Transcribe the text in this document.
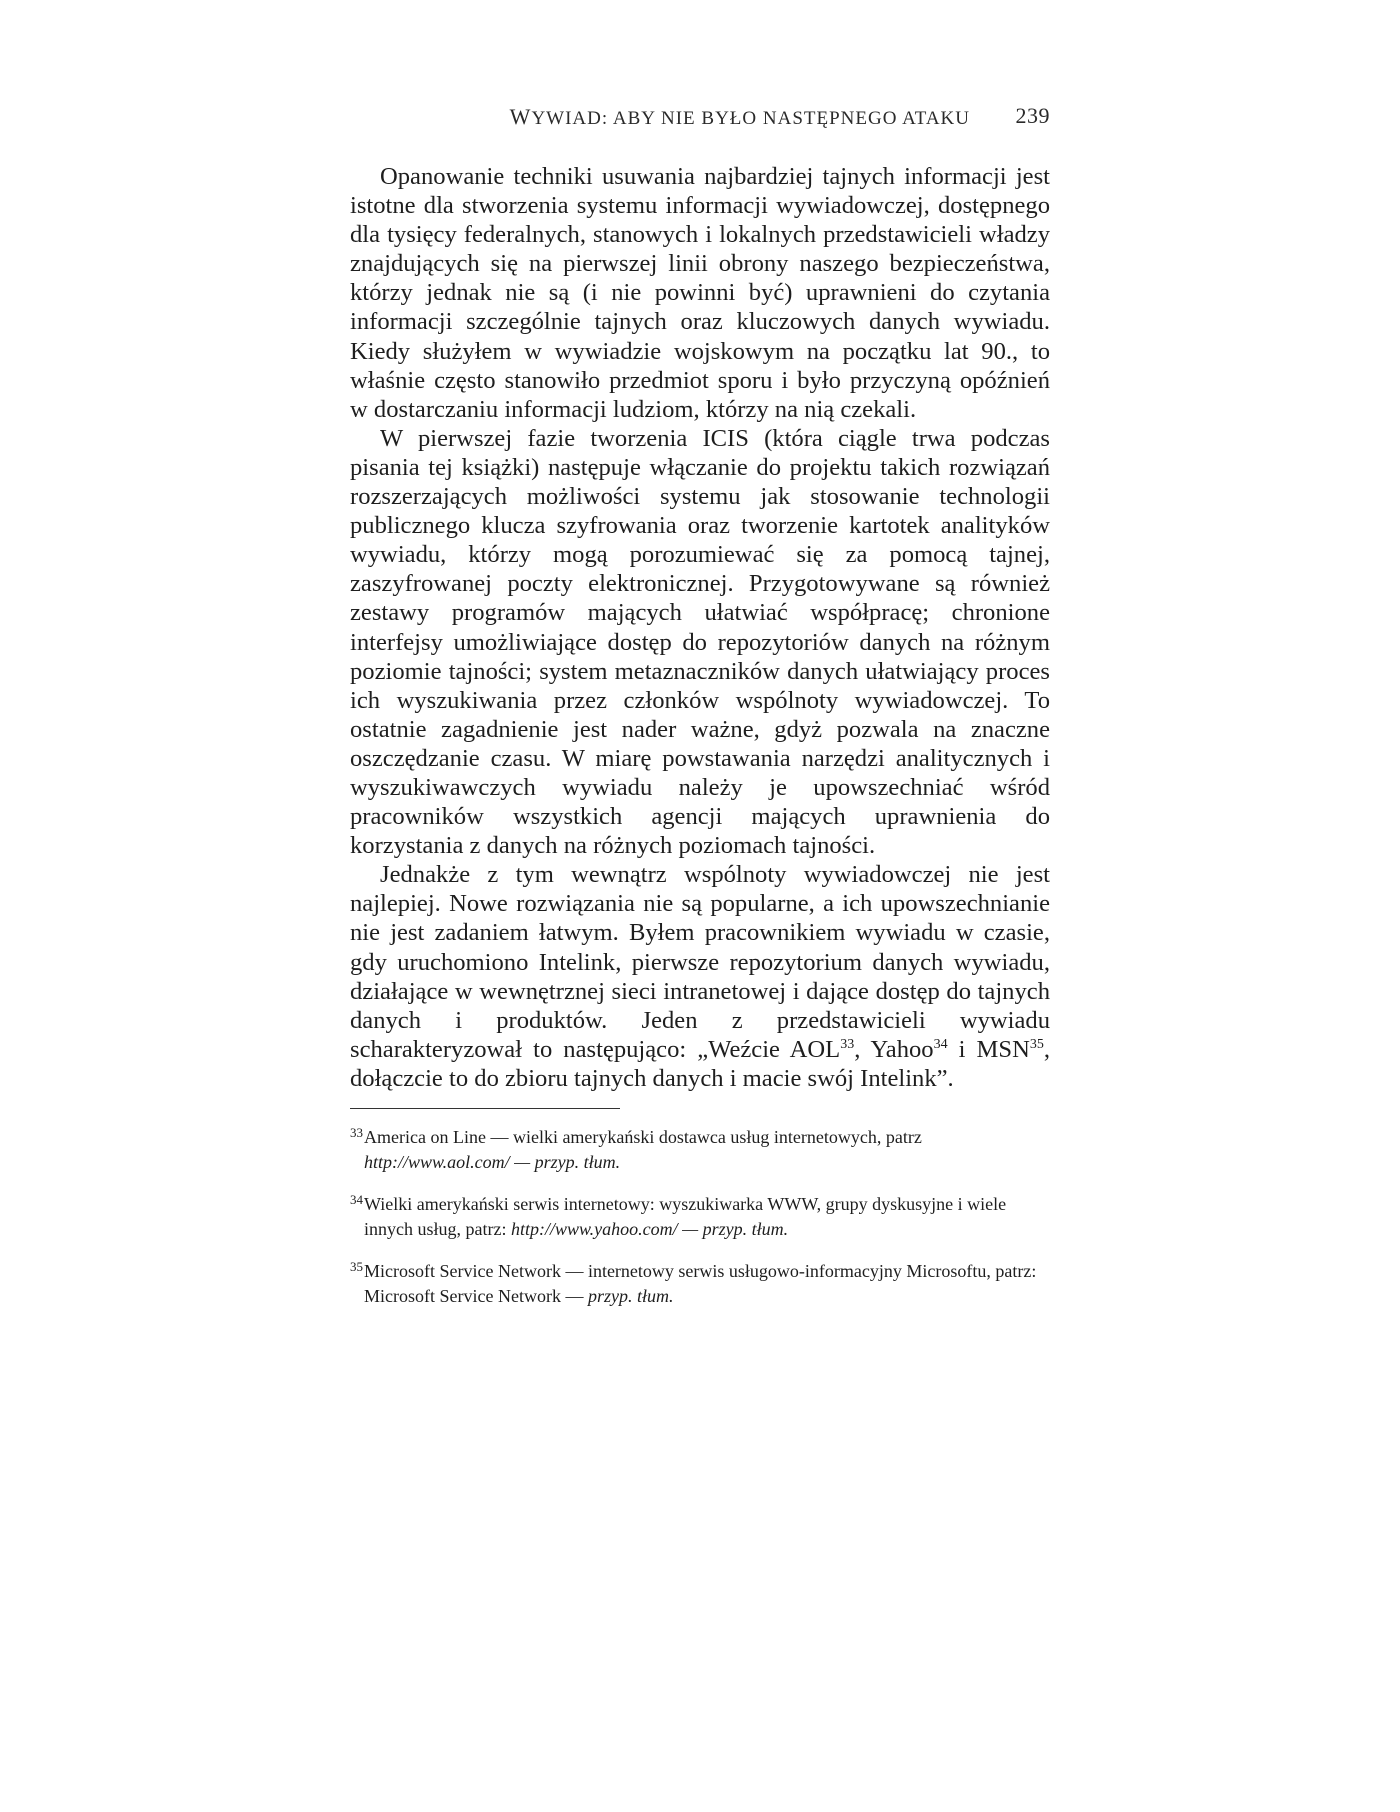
WYWIAD: ABY NIE BYŁO NASTĘPNEGO ATAKU 239

Opanowanie techniki usuwania najbardziej tajnych informacji jest istotne dla stworzenia systemu informacji wywiadowczej, dostępnego dla tysięcy federalnych, stanowych i lokalnych przedstawicieli władzy znajdujących się na pierwszej linii obrony naszego bezpieczeństwa, którzy jednak nie są (i nie powinni być) uprawnieni do czytania informacji szczególnie tajnych oraz kluczowych danych wywiadu. Kiedy służyłem w wywiadzie wojskowym na początku lat 90., to właśnie często stanowiło przedmiot sporu i było przyczyną opóźnień w dostarczaniu informacji ludziom, którzy na nią czekali.

W pierwszej fazie tworzenia ICIS (która ciągle trwa podczas pisania tej książki) następuje włączanie do projektu takich rozwiązań rozszerzających możliwości systemu jak stosowanie technologii publicznego klucza szyfrowania oraz tworzenie kartotek analityków wywiadu, którzy mogą porozumiewać się za pomocą tajnej, zaszyfrowanej poczty elektronicznej. Przygotowywane są również zestawy programów mających ułatwiać współpracę; chronione interfejsy umożliwiające dostęp do repozytoriów danych na różnym poziomie tajności; system metaznaczników danych ułatwiający proces ich wyszukiwania przez członków wspólnoty wywiadowczej. To ostatnie zagadnienie jest nader ważne, gdyż pozwala na znaczne oszczędzanie czasu. W miarę powstawania narzędzi analitycznych i wyszukiwawczych wywiadu należy je upowszechniać wśród pracowników wszystkich agencji mających uprawnienia do korzystania z danych na różnych poziomach tajności.

Jednakże z tym wewnątrz wspólnoty wywiadowczej nie jest najlepiej. Nowe rozwiązania nie są popularne, a ich upowszechnianie nie jest zadaniem łatwym. Byłem pracownikiem wywiadu w czasie, gdy uruchomiono Intelink, pierwsze repozytorium danych wywiadu, działające w wewnętrznej sieci intranetowej i dające dostęp do tajnych danych i produktów. Jeden z przedstawicieli wywiadu scharakteryzował to następująco: „Weźcie AOL$^{33}$, Yahoo$^{34}$ i MSN$^{35}$, dołączcie to do zbioru tajnych danych i macie swój Intelink”.

$^{33}$America on Line — wielki amerykański dostawca usług internetowych, patrz http://www.aol.com/ — przyp. tłum.

$^{34}$Wielki amerykański serwis internetowy: wyszukiwarka WWW, grupy dyskusyjne i wiele innych usług, patrz: http://www.yahoo.com/ — przyp. tłum.

$^{35}$Microsoft Service Network — internetowy serwis usługowo-informacyjny Microsoftu, patrz: Microsoft Service Network — przyp. tłum.
